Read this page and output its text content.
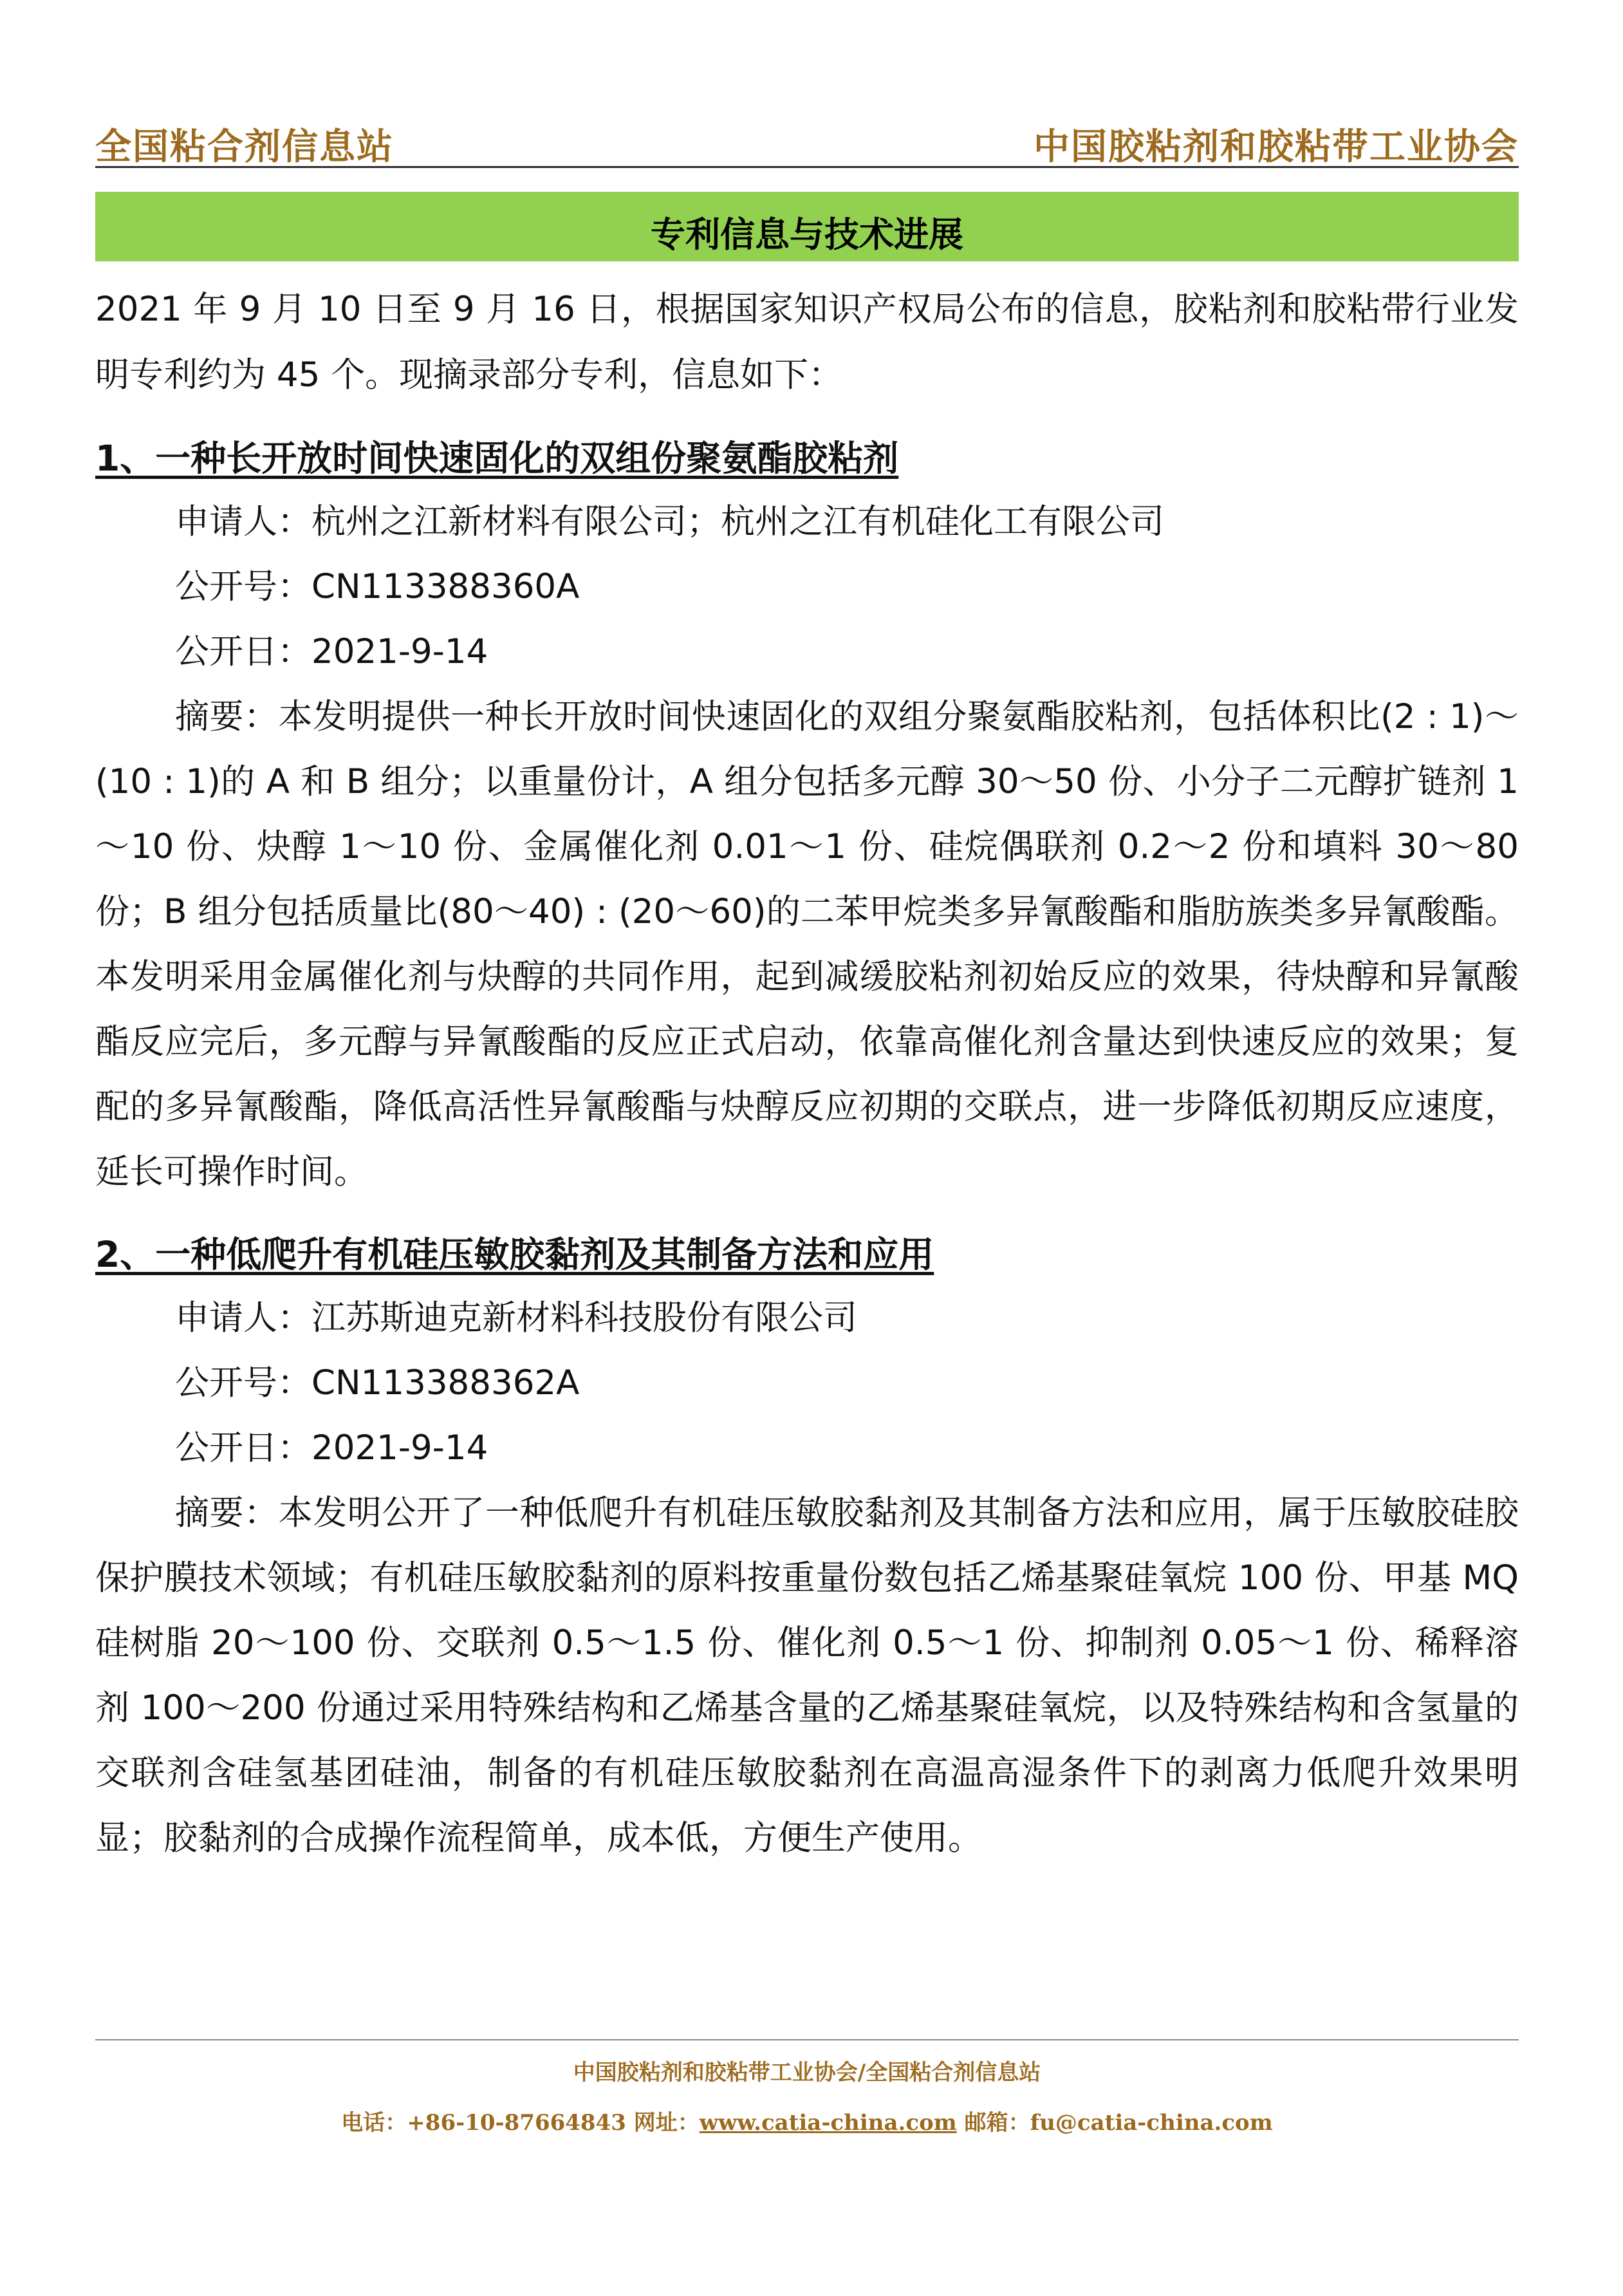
全国粘合剂信息站	中国胶粘剂和胶粘带工业协会
专利信息与技术进展

2021 年 9 月 10 日至 9 月 16 日，根据国家知识产权局公布的信息，胶粘剂和胶粘带行业发明专利约为 45 个。现摘录部分专利，信息如下：

1、一种长开放时间快速固化的双组份聚氨酯胶粘剂

申请人：杭州之江新材料有限公司；杭州之江有机硅化工有限公司

公开号：CN113388360A

公开日：2021-9-14

摘要：本发明提供一种长开放时间快速固化的双组分聚氨酯胶粘剂，包括体积比(2 : 1)～(10 : 1)的 A 和 B 组分；以重量份计，A 组分包括多元醇 30～50 份、小分子二元醇扩链剂 1～10 份、炔醇 1～10 份、金属催化剂 0.01～1 份、硅烷偶联剂 0.2～2 份和填料 30～80 份；B 组分包括质量比(80～40) : (20～60)的二苯甲烷类多异氰酸酯和脂肪族类多异氰酸酯。本发明采用金属催化剂与炔醇的共同作用，起到减缓胶粘剂初始反应的效果，待炔醇和异氰酸酯反应完后，多元醇与异氰酸酯的反应正式启动，依靠高催化剂含量达到快速反应的效果；复配的多异氰酸酯，降低高活性异氰酸酯与炔醇反应初期的交联点，进一步降低初期反应速度，延长可操作时间。

2、一种低爬升有机硅压敏胶黏剂及其制备方法和应用

申请人：江苏斯迪克新材料科技股份有限公司

公开号：CN113388362A

公开日：2021-9-14

摘要：本发明公开了一种低爬升有机硅压敏胶黏剂及其制备方法和应用，属于压敏胶硅胶保护膜技术领域；有机硅压敏胶黏剂的原料按重量份数包括乙烯基聚硅氧烷 100 份、甲基 MQ 硅树脂 20～100 份、交联剂 0.5～1.5 份、催化剂 0.5～1 份、抑制剂 0.05～1 份、稀释溶剂 100～200 份通过采用特殊结构和乙烯基含量的乙烯基聚硅氧烷，以及特殊结构和含氢量的交联剂含硅氢基团硅油，制备的有机硅压敏胶黏剂在高温高湿条件下的剥离力低爬升效果明显；胶黏剂的合成操作流程简单，成本低，方便生产使用。

中国胶粘剂和胶粘带工业协会/全国粘合剂信息站
电话：+86-10-87664843 网址：www.catia-china.com 邮箱：fu@catia-china.com
